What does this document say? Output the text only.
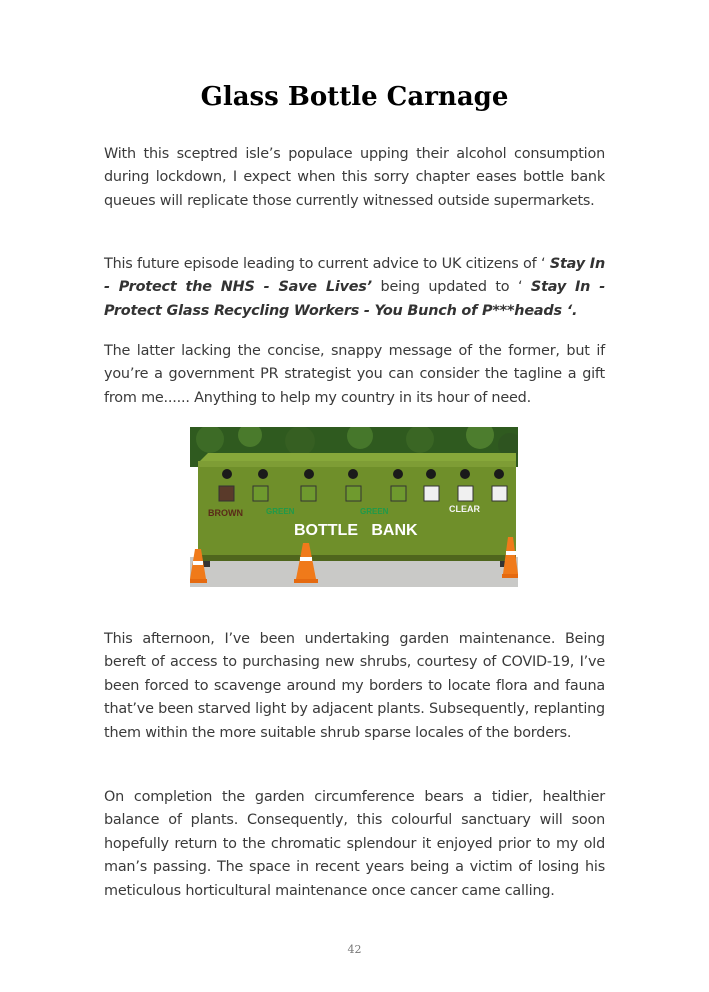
Glass Bottle Carnage

With this sceptred isle’s populace upping their alcohol consumption during lockdown, I expect when this sorry chapter eases bottle bank queues will replicate those currently witnessed outside supermarkets.

This future episode leading to current advice to UK citizens of ‘ Stay In - Protect the NHS - Save Lives’ being updated to ‘ Stay In - Protect Glass Recycling Workers - You Bunch of P***heads ‘.

The latter lacking the concise, snappy message of the former, but if you’re a government PR strategist you can consider the tagline a gift from me...... Anything to help my country in its hour of need.

BROWN	GREEN	GREEN	CLEAR
BOTTLE   BANK

This afternoon, I’ve been undertaking garden maintenance. Being bereft of access to purchasing new shrubs, courtesy of COVID-19, I’ve been forced to scavenge around my borders to locate flora and fauna that’ve been starved light by adjacent plants. Subsequently, replanting them within the more suitable shrub sparse locales of the borders.

On completion the garden circumference bears a tidier, healthier balance of plants. Consequently, this colourful sanctuary will soon hopefully return to the chromatic splendour it enjoyed prior to my old man’s passing. The space in recent years being a victim of losing his meticulous horticultural maintenance once cancer came calling.

42
